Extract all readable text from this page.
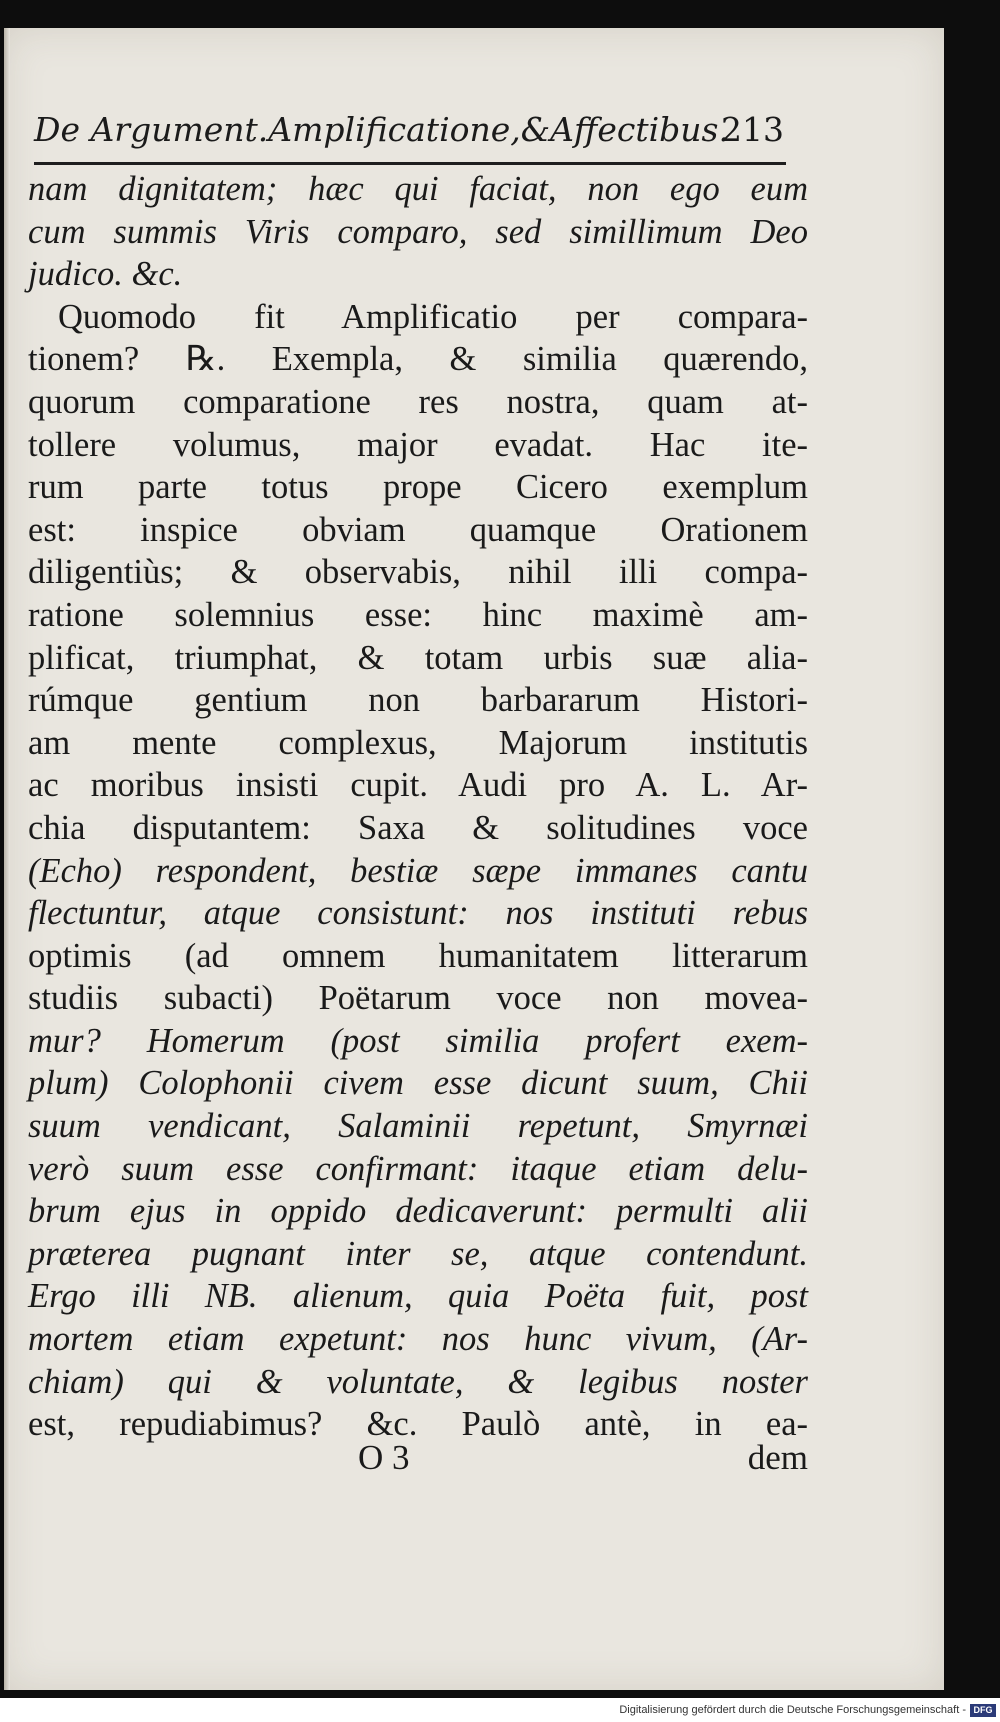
De Argument.Amplificatione,&Affectibus.
213
nam dignitatem; hæc qui faciat, non ego eum
cum summis Viris comparo, sed simillimum Deo
judico. &c.
Quomodo fit Amplificatio per compara-
tionem? ℞. Exempla, & similia quærendo,
quorum comparatione res nostra, quam at-
tollere volumus, major evadat. Hac ite-
rum parte totus prope Cicero exemplum
est: inspice obviam quamque Orationem
diligentiùs; & observabis, nihil illi compa-
ratione solemnius esse: hinc maximè am-
plificat, triumphat, & totam urbis suæ alia-
rúmque gentium non barbararum Histori-
am mente complexus, Majorum institutis
ac moribus insisti cupit. Audi pro A. L. Ar-
chia disputantem: Saxa & solitudines voce
(Echo) respondent, bestiæ sæpe immanes cantu
flectuntur, atque consistunt: nos instituti rebus
optimis (ad omnem humanitatem litterarum
studiis subacti) Poëtarum voce non movea-
mur? Homerum (post similia profert exem-
plum) Colophonii civem esse dicunt suum, Chii
suum vendicant, Salaminii repetunt, Smyrnæi
verò suum esse confirmant: itaque etiam delu-
brum ejus in oppido dedicaverunt: permulti alii
præterea pugnant inter se, atque contendunt.
Ergo illi NB. alienum, quia Poëta fuit, post
mortem etiam expetunt: nos hunc vivum, (Ar-
chiam) qui & voluntate, & legibus noster
est, repudiabimus? &c. Paulò antè, in ea-
O 3	dem
Digitalisierung gefördert durch die Deutsche Forschungsgemeinschaft - DFG
